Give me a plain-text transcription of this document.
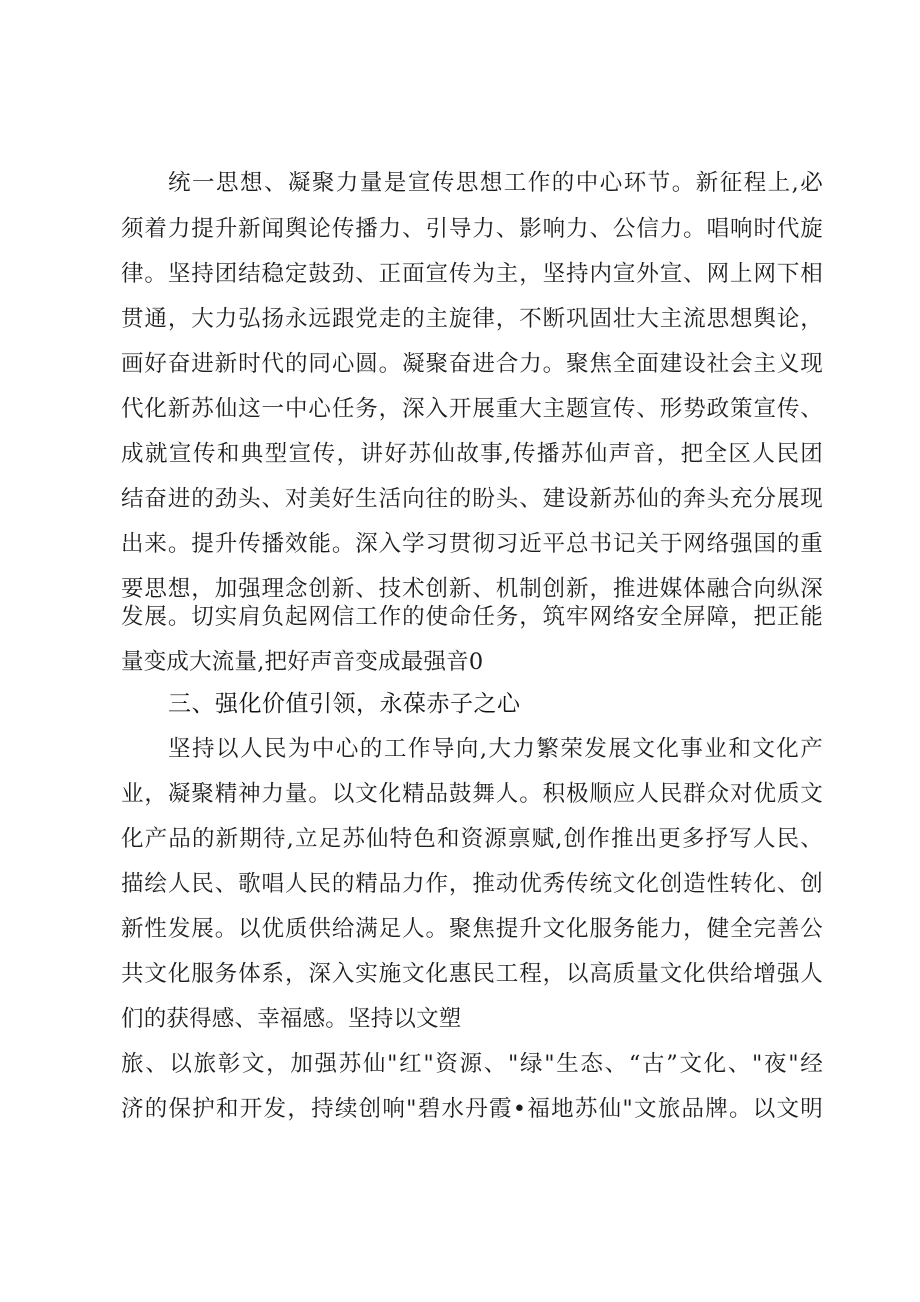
统一思想、凝聚力量是宣传思想工作的中心环节。新征程上,必
须着力提升新闻舆论传播力、引导力、影响力、公信力。唱响时代旋
律。坚持团结稳定鼓劲、正面宣传为主，坚持内宣外宣、网上网下相
贯通，大力弘扬永远跟党走的主旋律，不断巩固壮大主流思想舆论，
画好奋进新时代的同心圆。凝聚奋进合力。聚焦全面建设社会主义现
代化新苏仙这一中心任务，深入开展重大主题宣传、形势政策宣传、
成就宣传和典型宣传，讲好苏仙故事,传播苏仙声音，把全区人民团
结奋进的劲头、对美好生活向往的盼头、建设新苏仙的奔头充分展现
出来。提升传播效能。深入学习贯彻习近平总书记关于网络强国的重
要思想，加强理念创新、技术创新、机制创新，推进媒体融合向纵深
发展。切实肩负起网信工作的使命任务，筑牢网络安全屏障，把正能
量变成大流量,把好声音变成最强音0
三、强化价值引领，永葆赤子之心
坚持以人民为中心的工作导向,大力繁荣发展文化事业和文化产
业，凝聚精神力量。以文化精品鼓舞人。积极顺应人民群众对优质文
化产品的新期待,立足苏仙特色和资源禀赋,创作推出更多抒写人民、
描绘人民、歌唱人民的精品力作，推动优秀传统文化创造性转化、创
新性发展。以优质供给满足人。聚焦提升文化服务能力，健全完善公
共文化服务体系，深入实施文化惠民工程，以高质量文化供给增强人
们的获得感、幸福感。坚持以文塑
旅、以旅彰文，加强苏仙"红"资源、"绿"生态、“古”文化、"夜"经
济的保护和开发，持续创响"碧水丹霞•福地苏仙"文旅品牌。以文明
